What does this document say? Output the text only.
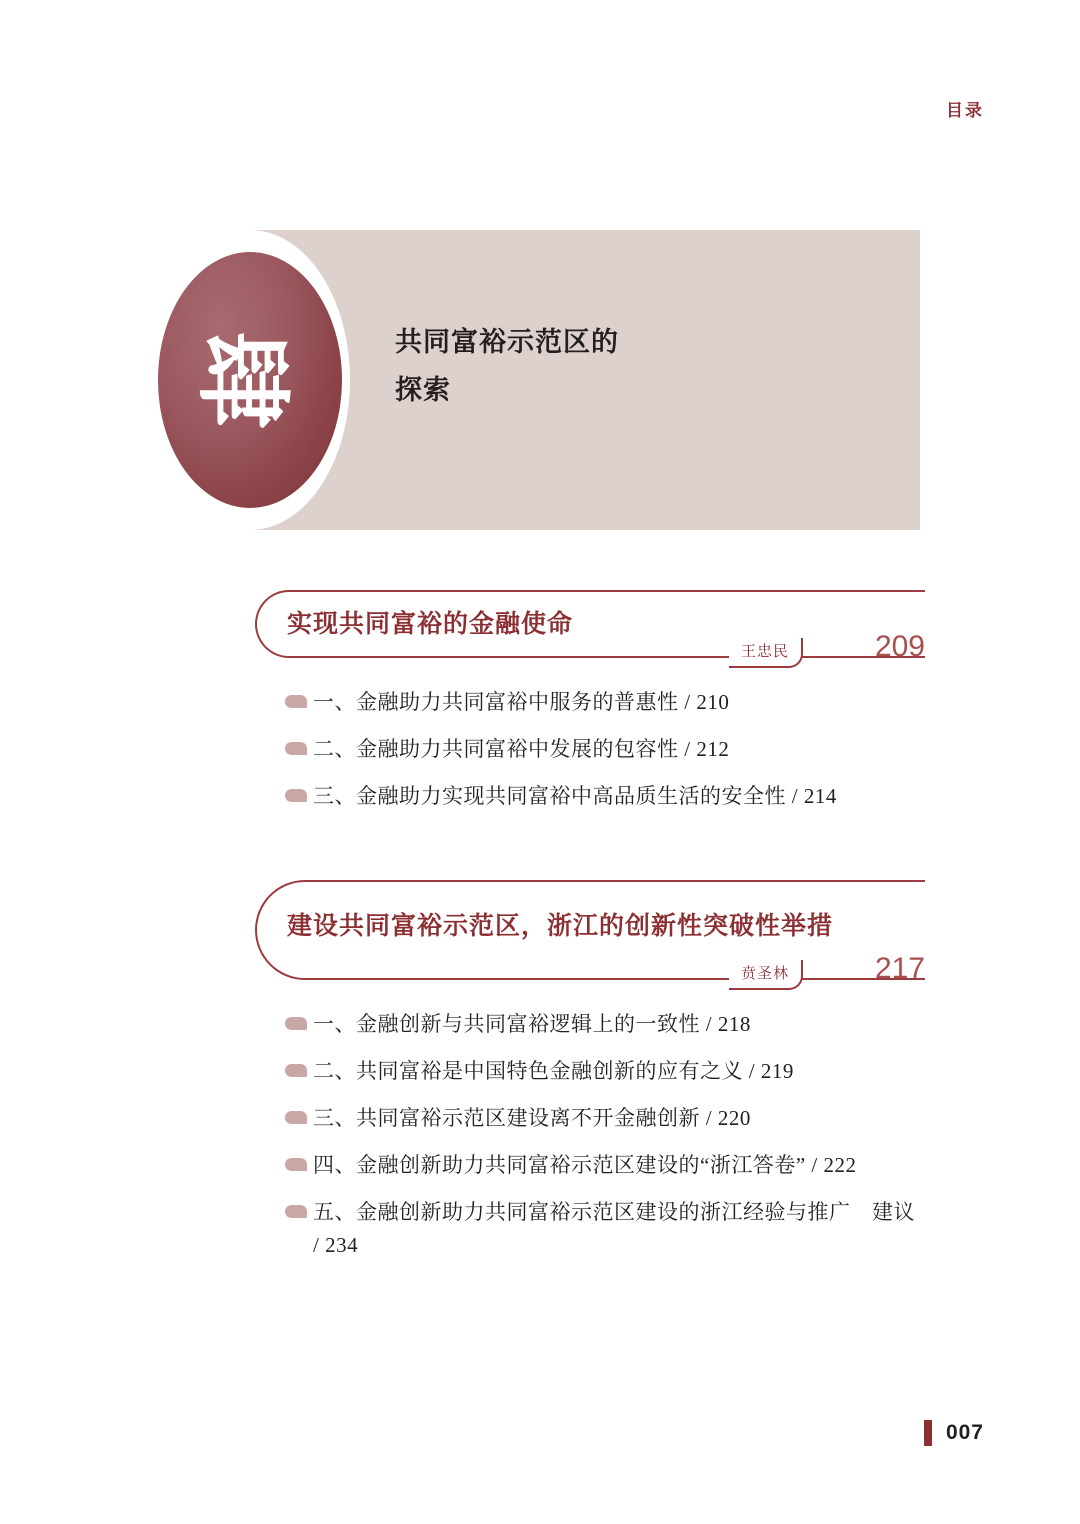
目录
共同富裕示范区的
探索
肆
实现共同富裕的金融使命
王忠民	209
一、金融助力共同富裕中服务的普惠性 / 210
二、金融助力共同富裕中发展的包容性 / 212
三、金融助力实现共同富裕中高品质生活的安全性 / 214
建设共同富裕示范区，浙江的创新性突破性举措
贲圣林	217
一、金融创新与共同富裕逻辑上的一致性 / 218
二、共同富裕是中国特色金融创新的应有之义 / 219
三、共同富裕示范区建设离不开金融创新 / 220
四、金融创新助力共同富裕示范区建设的“浙江答卷” / 222
五、金融创新助力共同富裕示范区建设的浙江经验与推广　建议 / 234
007
